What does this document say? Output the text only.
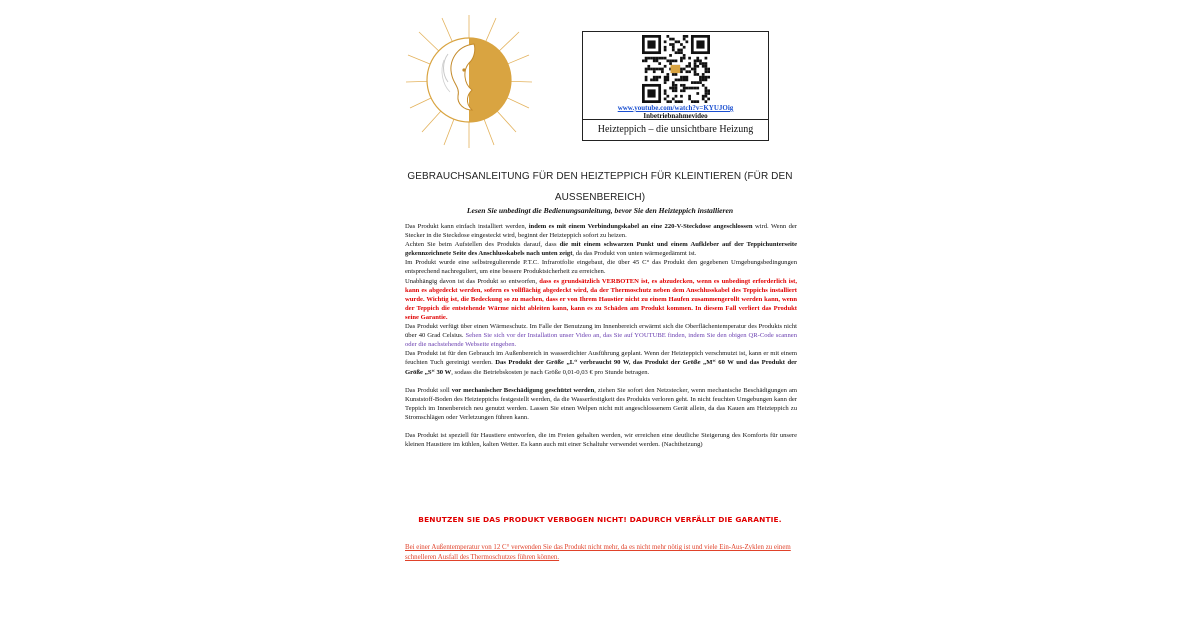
www.youtube.com/watch?v=KYUJOig
Inbetriebnahmevideo
Heizteppich – die unsichtbare Heizung
GEBRAUCHSANLEITUNG FÜR DEN HEIZTEPPICH FÜR KLEINTIEREN (FÜR DEN
AUSSENBEREICH)
Lesen Sie unbedingt die Bedienungsanleitung, bevor Sie den Heizteppich installieren

Das Produkt kann einfach installiert werden, indem es mit einem Verbindungskabel an eine 220-V-Steckdose angeschlossen wird. Wenn der Stecker in die Steckdose eingesteckt wird, beginnt der Heizteppich sofort zu heizen.

Achten Sie beim Aufstellen des Produkts darauf, dass die mit einem schwarzen Punkt und einem Aufkleber auf der Teppichunterseite gekennzeichnete Seite des Anschlusskabels nach unten zeigt, da das Produkt von unten wärmegedämmt ist.

Im Produkt wurde eine selbstregulierende P.T.C. Infrarotfolie eingebaut, die über 45 C° das Produkt den gegebenen Umgebungsbedingungen entsprechend nachreguliert, um eine bessere Produktsicherheit zu erreichen.

Unabhängig davon ist das Produkt so entworfen, dass es grundsätzlich VERBOTEN ist, es abzudecken, wenn es unbedingt erforderlich ist, kann es abgedeckt werden, sofern es vollflächig abgedeckt wird, da der Thermoschutz neben dem Anschlusskabel des Teppichs installiert wurde. Wichtig ist, die Bedeckung so zu machen, dass er von Ihrem Haustier nicht zu einem Haufen zusammengerollt werden kann, wenn der Teppich die entstehende Wärme nicht ableiten kann, kann es zu Schäden am Produkt kommen. In diesem Fall verliert das Produkt seine Garantie.

Das Produkt verfügt über einen Wärmeschutz. Im Falle der Benutzung im Innenbereich erwärmt sich die Oberflächentemperatur des Produkts nicht über 40 Grad Celsius. Sehen Sie sich vor der Installation unser Video an, das Sie auf YOUTUBE finden, indem Sie den obigen QR-Code scannen oder die nachstehende Webseite eingeben.

Das Produkt ist für den Gebrauch im Außenbereich in wasserdichter Ausführung geplant. Wenn der Heizteppich verschmutzt ist, kann er mit einem feuchten Tuch gereinigt werden. Das Produkt der Größe „L“ verbraucht 90 W, das Produkt der Größe „M“ 60 W und das Produkt der Größe „S“ 30 W, sodass die Betriebskosten je nach Größe 0,01-0,03 € pro Stunde betragen.

Das Produkt soll vor mechanischer Beschädigung geschützt werden, ziehen Sie sofort den Netzstecker, wenn mechanische Beschädigungen am Kunststoff-Boden des Heizteppichs festgestellt werden, da die Wasserfestigkeit des Produkts verloren geht. In nicht feuchten Umgebungen kann der Teppich im Innenbereich neu genutzt werden. Lassen Sie einen Welpen nicht mit angeschlossenem Gerät allein, da das Kauen am Heizteppich zu Stromschlägen oder Verletzungen führen kann.

Das Produkt ist speziell für Haustiere entworfen, die im Freien gehalten werden, wir erreichen eine deutliche Steigerung des Komforts für unsere kleinen Haustiere im kühlen, kalten Wetter. Es kann auch mit einer Schaltuhr verwendet werden. (Nachtheizung)

BENUTZEN SIE DAS PRODUKT VERBOGEN NICHT! DADURCH VERFÄLLT DIE GARANTIE.
Bei einer Außentemperatur von 12 C° verwenden Sie das Produkt nicht mehr, da es nicht mehr nötig ist und viele Ein-Aus-Zyklen zu einem schnelleren Ausfall des Thermoschutzes führen können.
